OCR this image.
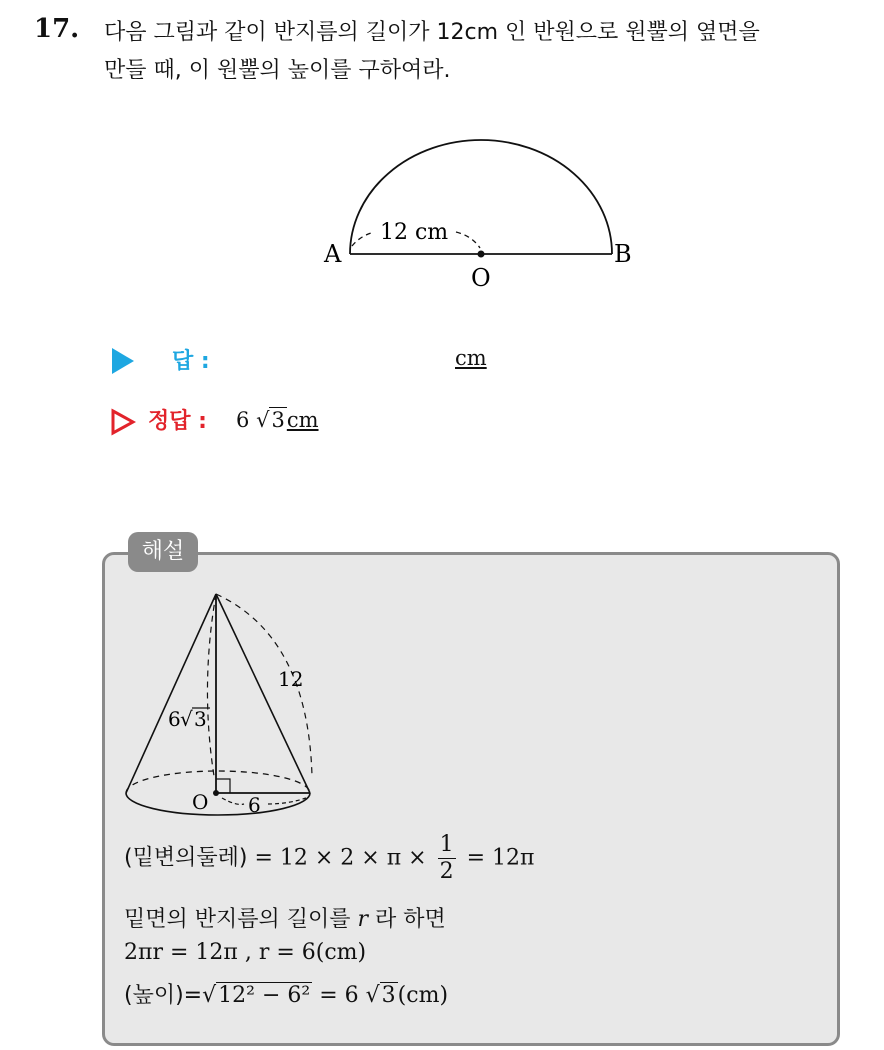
17. 다음 그림과 같이 반지름의 길이가 12cm 인 반원으로 원뿔의 옆면을
만들 때, 이 원뿔의 높이를 구하여라.
12 cm
A	B
O
답 :	cm
정답 : 6 √3cm
해설
12
6 √ 3
O 6
(밑변의둘레) = $12 \times 2 \times \pi \times \frac{1}{2} = 12\pi$
밑면의 반지름의 길이를 r 라 하면
2πr = 12π , r = 6(cm)
(높이)=√12² − 6² = 6 √3(cm)
